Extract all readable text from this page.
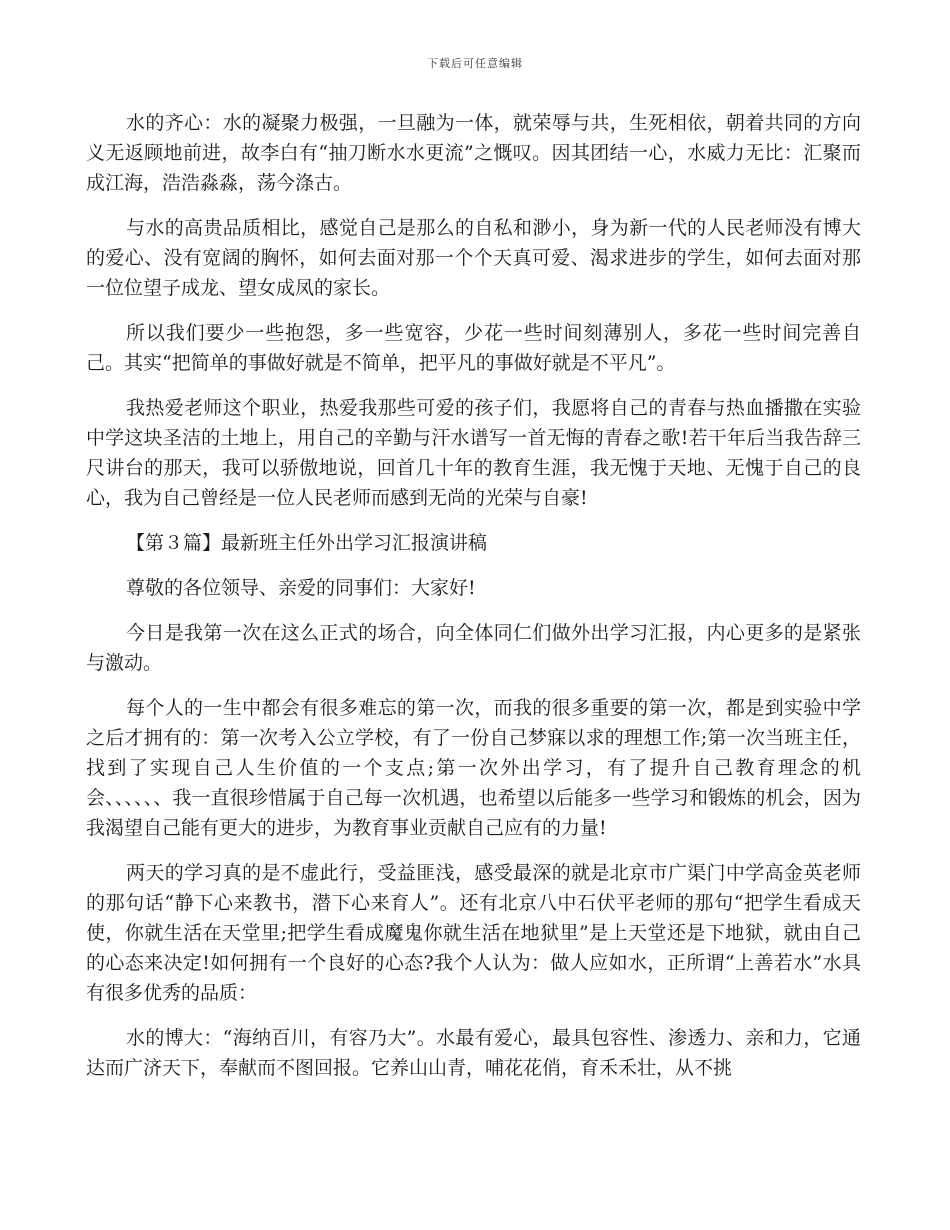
下载后可任意编辑

水的齐心：水的凝聚力极强，一旦融为一体，就荣辱与共，生死相依，朝着共同的方向义无返顾地前进，故李白有“抽刀断水水更流”之慨叹。因其团结一心，水威力无比：汇聚而成江海，浩浩淼淼，荡今涤古。

与水的高贵品质相比，感觉自己是那么的自私和渺小，身为新一代的人民老师没有博大的爱心、没有宽阔的胸怀，如何去面对那一个个天真可爱、渴求进步的学生，如何去面对那一位位望子成龙、望女成凤的家长。

所以我们要少一些抱怨，多一些宽容，少花一些时间刻薄别人，多花一些时间完善自己。其实“把简单的事做好就是不简单，把平凡的事做好就是不平凡”。

我热爱老师这个职业，热爱我那些可爱的孩子们，我愿将自己的青春与热血播撒在实验中学这块圣洁的土地上，用自己的辛勤与汗水谱写一首无悔的青春之歌!若干年后当我告辞三尺讲台的那天，我可以骄傲地说，回首几十年的教育生涯，我无愧于天地、无愧于自己的良心，我为自己曾经是一位人民老师而感到无尚的光荣与自豪!

【第３篇】最新班主任外出学习汇报演讲稿

尊敬的各位领导、亲爱的同事们：大家好!

今日是我第一次在这么正式的场合，向全体同仁们做外出学习汇报，内心更多的是紧张与激动。

每个人的一生中都会有很多难忘的第一次，而我的很多重要的第一次，都是到实验中学之后才拥有的：第一次考入公立学校，有了一份自己梦寐以求的理想工作;第一次当班主任，找到了实现自己人生价值的一个支点;第一次外出学习，有了提升自己教育理念的机会、、、、、、我一直很珍惜属于自己每一次机遇，也希望以后能多一些学习和锻炼的机会，因为我渴望自己能有更大的进步，为教育事业贡献自己应有的力量!

两天的学习真的是不虚此行，受益匪浅，感受最深的就是北京市广渠门中学高金英老师的那句话“静下心来教书，潜下心来育人”。还有北京八中石伏平老师的那句“把学生看成天使，你就生活在天堂里;把学生看成魔鬼你就生活在地狱里”是上天堂还是下地狱，就由自己的心态来决定!如何拥有一个良好的心态?我个人认为：做人应如水，正所谓“上善若水”水具有很多优秀的品质：

水的博大：“海纳百川，有容乃大”。水最有爱心，最具包容性、渗透力、亲和力，它通达而广济天下，奉献而不图回报。它养山山青，哺花花俏，育禾禾壮，从不挑
